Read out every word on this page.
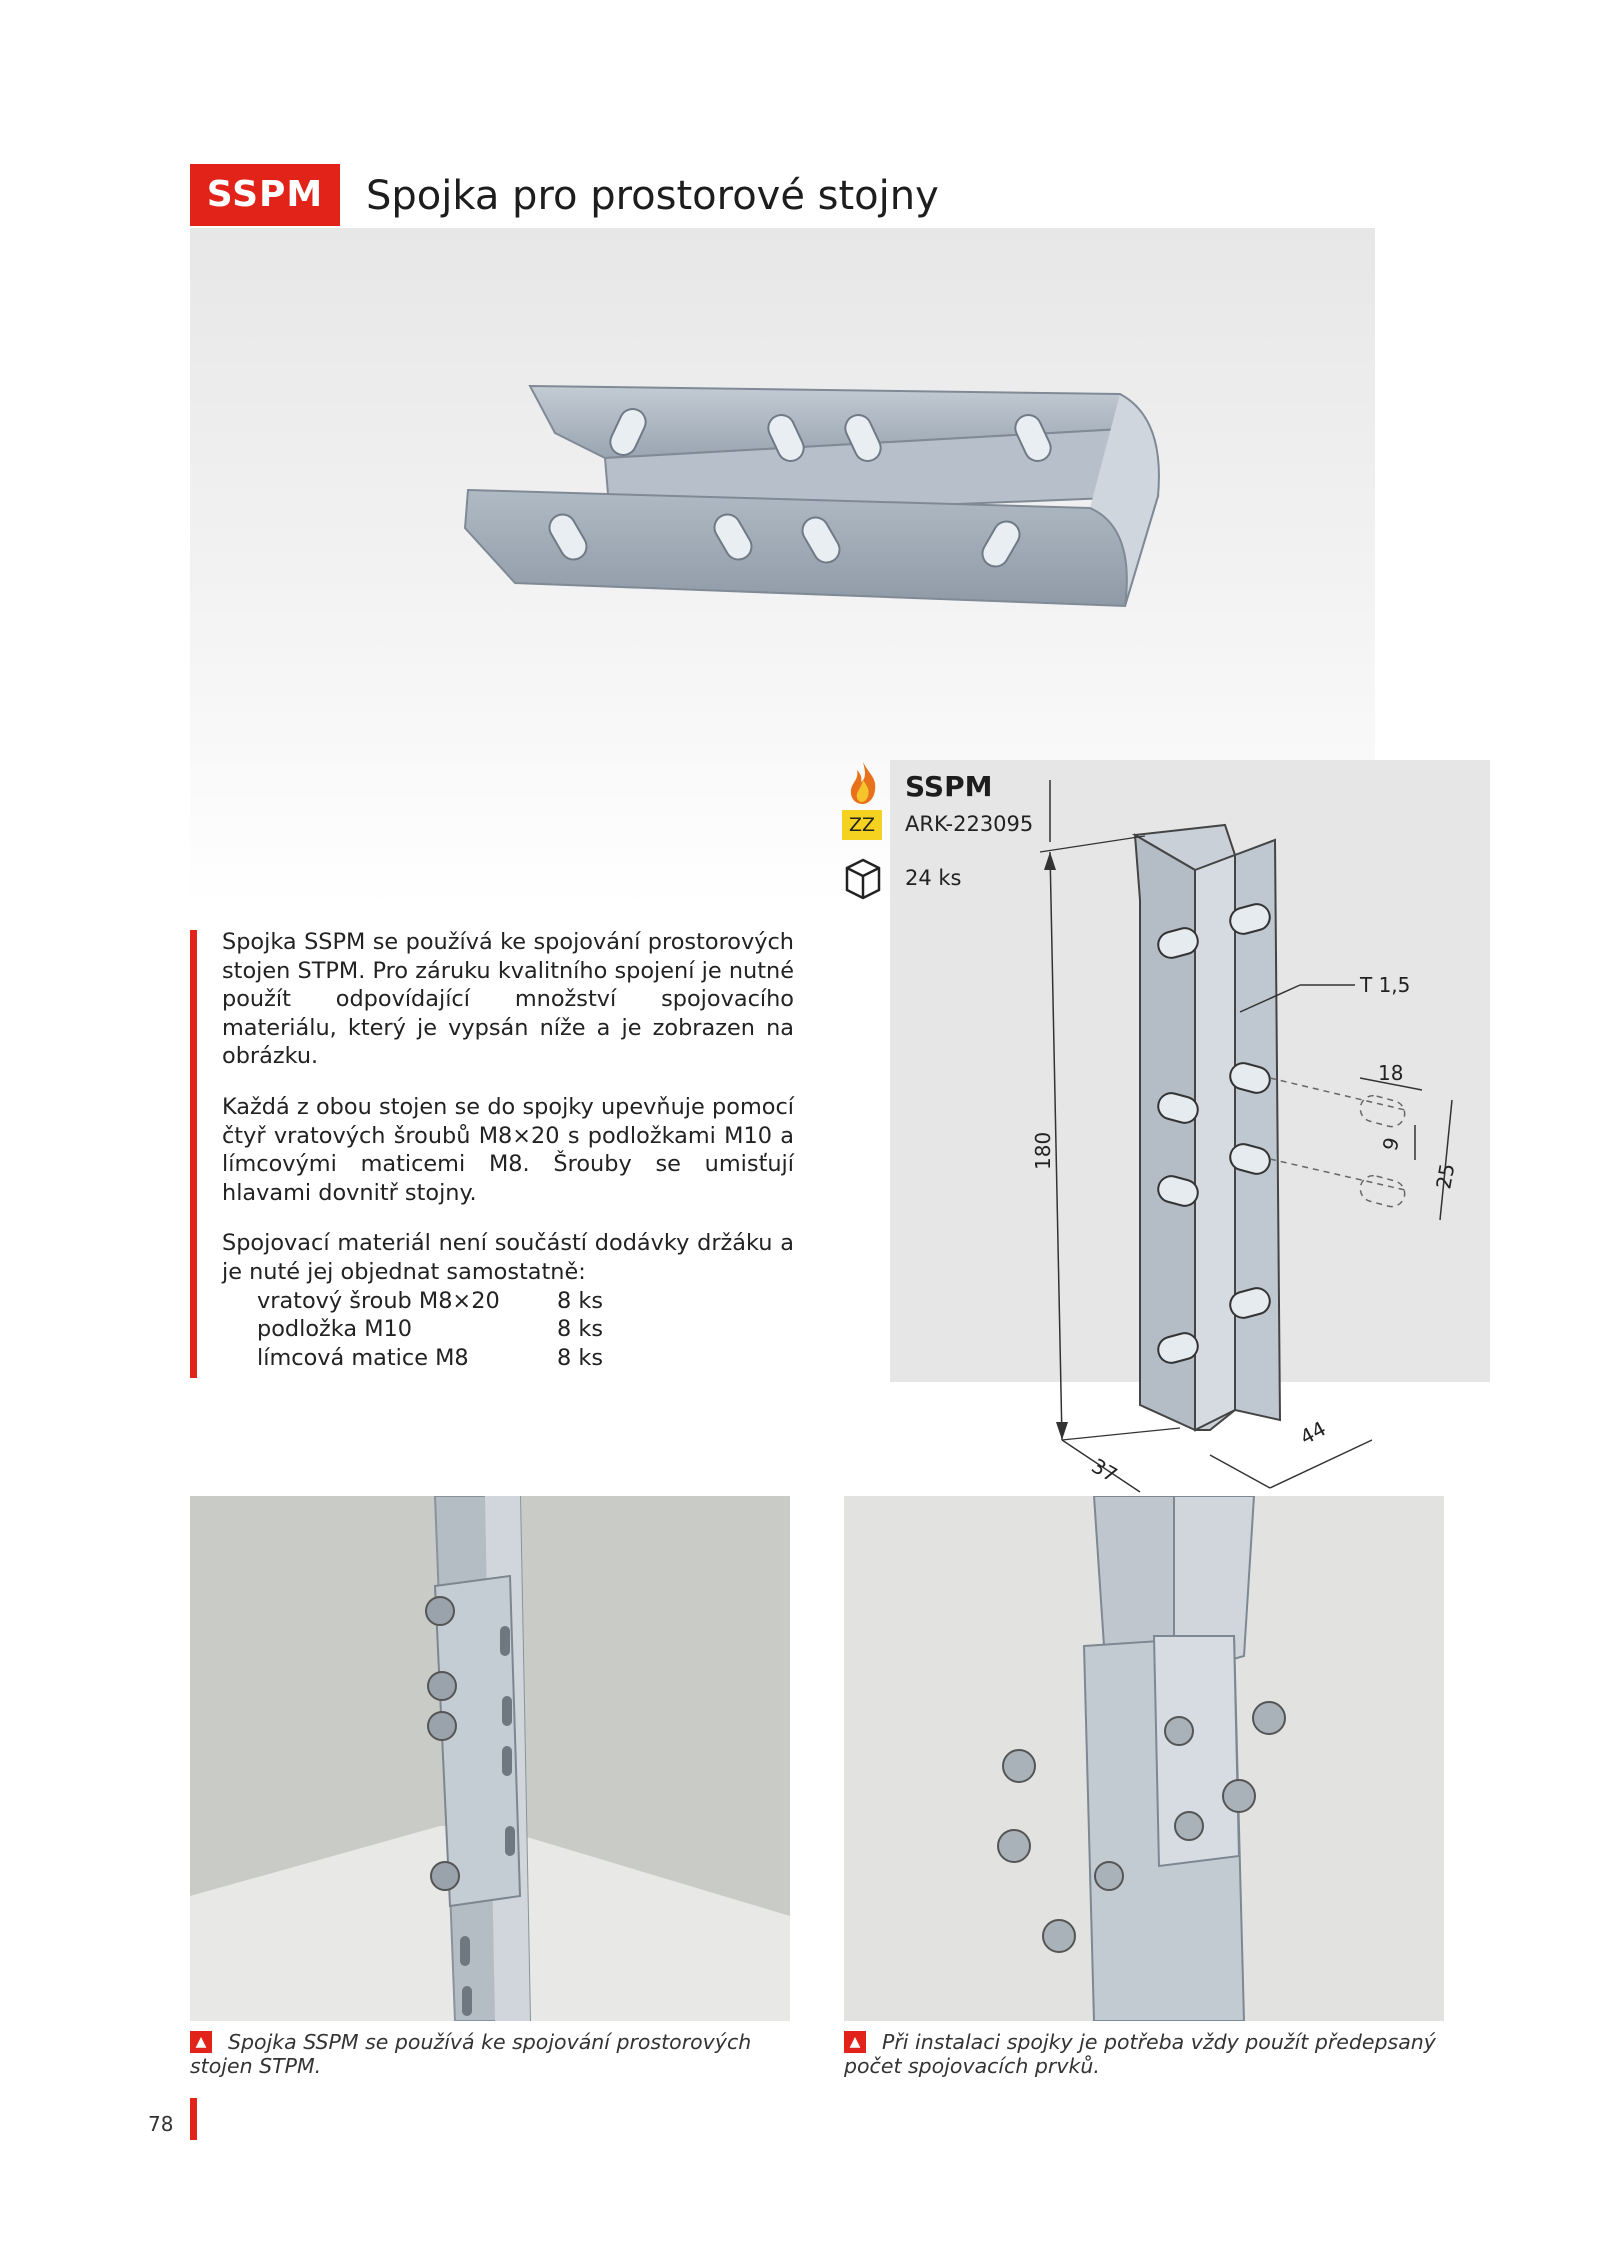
SSPM	Spojka pro prostorové stojny
180
T 1,5
18
9
25
37
44
ZZ
SSPM
ARK-223095
24 ks

Spojka SSPM se používá ke spojování prostorových stojen STPM. Pro záruku kvalitního spojení je nutné použít odpovídající množství spojovacího materiálu, který je vypsán níže a je zobrazen na obrázku.

Každá z obou stojen se do spojky upevňuje pomocí čtyř vratových šroubů M8×20 s podložkami M10 a límcovými maticemi M8. Šrouby se umisťují hlavami dovnitř stojny.

Spojovací materiál není součástí dodávky držáku a je nuté jej objednat samostatně:

vratový šroub M8×20	8 ks
podložka M10	8 ks
límcová matice M8	8 ks
▲	Spojka SSPM se používá ke spojování prostorových stojen STPM.
▲	Při instalaci spojky je potřeba vždy použít předepsaný počet spojovacích prvků.
78
